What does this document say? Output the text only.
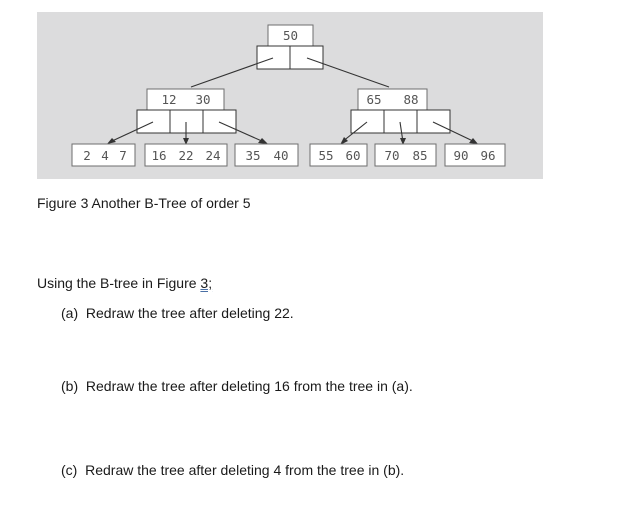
50
12 30	65 88
2 4 7 16 22 24 35 40 55 60 70 85 90 96
Figure 3 Another B-Tree of order 5
Using the B-tree in Figure 3;
(a) Redraw the tree after deleting 22.
(b) Redraw the tree after deleting 16 from the tree in (a).
(c) Redraw the tree after deleting 4 from the tree in (b).
